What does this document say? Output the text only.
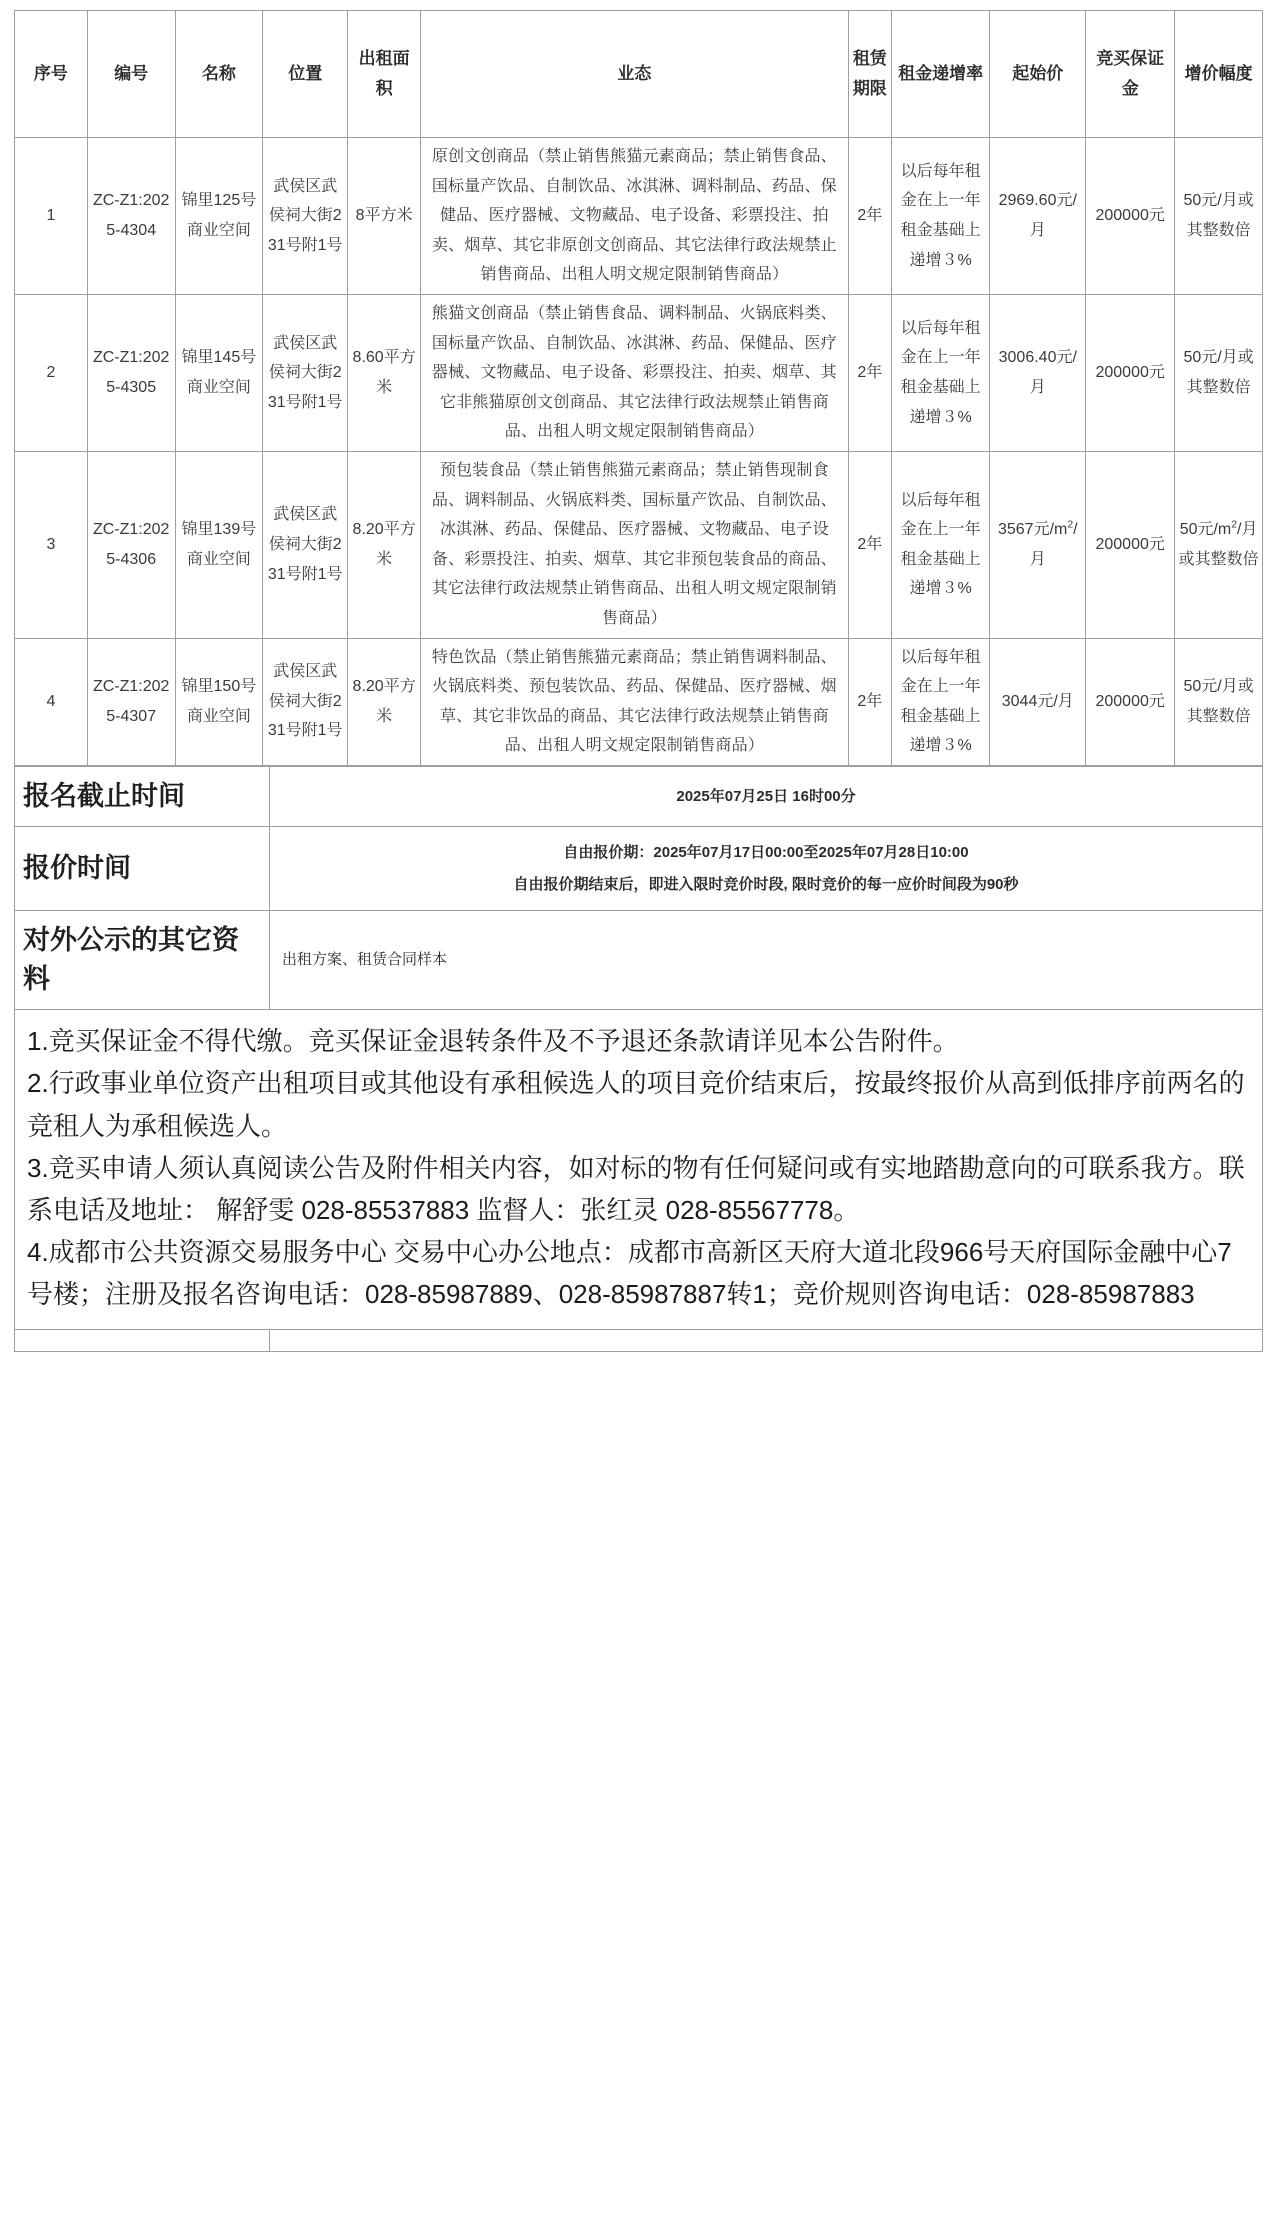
序号	编号	名称	位置	出租面积	业态	租赁期限	租金递增率	起始价	竞买保证金	增价幅度
1	ZC-Z1:2025-4304	锦里125号商业空间	武侯区武侯祠大街231号附1号	8平方米	原创文创商品（禁止销售熊猫元素商品；禁止销售食品、国标量产饮品、自制饮品、冰淇淋、调料制品、药品、保健品、医疗器械、文物藏品、电子设备、彩票投注、拍卖、烟草、其它非原创文创商品、其它法律行政法规禁止销售商品、出租人明文规定限制销售商品）	2年	以后每年租金在上一年租金基础上递增３%	2969.60元/月	200000元	50元/月或其整数倍
2	ZC-Z1:2025-4305	锦里145号商业空间	武侯区武侯祠大街231号附1号	8.60平方米	熊猫文创商品（禁止销售食品、调料制品、火锅底料类、国标量产饮品、自制饮品、冰淇淋、药品、保健品、医疗器械、文物藏品、电子设备、彩票投注、拍卖、烟草、其它非熊猫原创文创商品、其它法律行政法规禁止销售商品、出租人明文规定限制销售商品）	2年	以后每年租金在上一年租金基础上递增３%	3006.40元/月	200000元	50元/月或其整数倍
3	ZC-Z1:2025-4306	锦里139号商业空间	武侯区武侯祠大街231号附1号	8.20平方米	预包装食品（禁止销售熊猫元素商品；禁止销售现制食品、调料制品、火锅底料类、国标量产饮品、自制饮品、冰淇淋、药品、保健品、医疗器械、文物藏品、电子设备、彩票投注、拍卖、烟草、其它非预包装食品的商品、其它法律行政法规禁止销售商品、出租人明文规定限制销售商品）	2年	以后每年租金在上一年租金基础上递增３%	3567元$/m^2/$月	200000元	50元$/m^2/$月或其整数倍
4	ZC-Z1:2025-4307	锦里150号商业空间	武侯区武侯祠大街231号附1号	8.20平方米	特色饮品（禁止销售熊猫元素商品；禁止销售调料制品、火锅底料类、预包装饮品、药品、保健品、医疗器械、烟草、其它非饮品的商品、其它法律行政法规禁止销售商品、出租人明文规定限制销售商品）	2年	以后每年租金在上一年租金基础上递增３%	3044元/月	200000元	50元/月或其整数倍
报名截止时间	2025年07月25日 16时00分
报价时间	自由报价期：2025年07月17日00:00至2025年07月28日10:00
自由报价期结束后，即进入限时竞价时段, 限时竞价的每一应价时间段为90秒

对外公示的其它资料	出租方案、租赁合同样本

1.竞买保证金不得代缴。竞买保证金退转条件及不予退还条款请详见本公告附件。

2.行政事业单位资产出租项目或其他设有承租候选人的项目竞价结束后，按最终报价从高到低排序前两名的竞租人为承租候选人。

3.竞买申请人须认真阅读公告及附件相关内容，如对标的物有任何疑问或有实地踏勘意向的可联系我方。联系电话及地址： 解舒雯 028-85537883 监督人：张红灵 028-85567778。

4.成都市公共资源交易服务中心 交易中心办公地点：成都市高新区天府大道北段966号天府国际金融中心7号楼；注册及报名咨询电话：028-85987889、028-85987887转1；竞价规则咨询电话：028-85987883
